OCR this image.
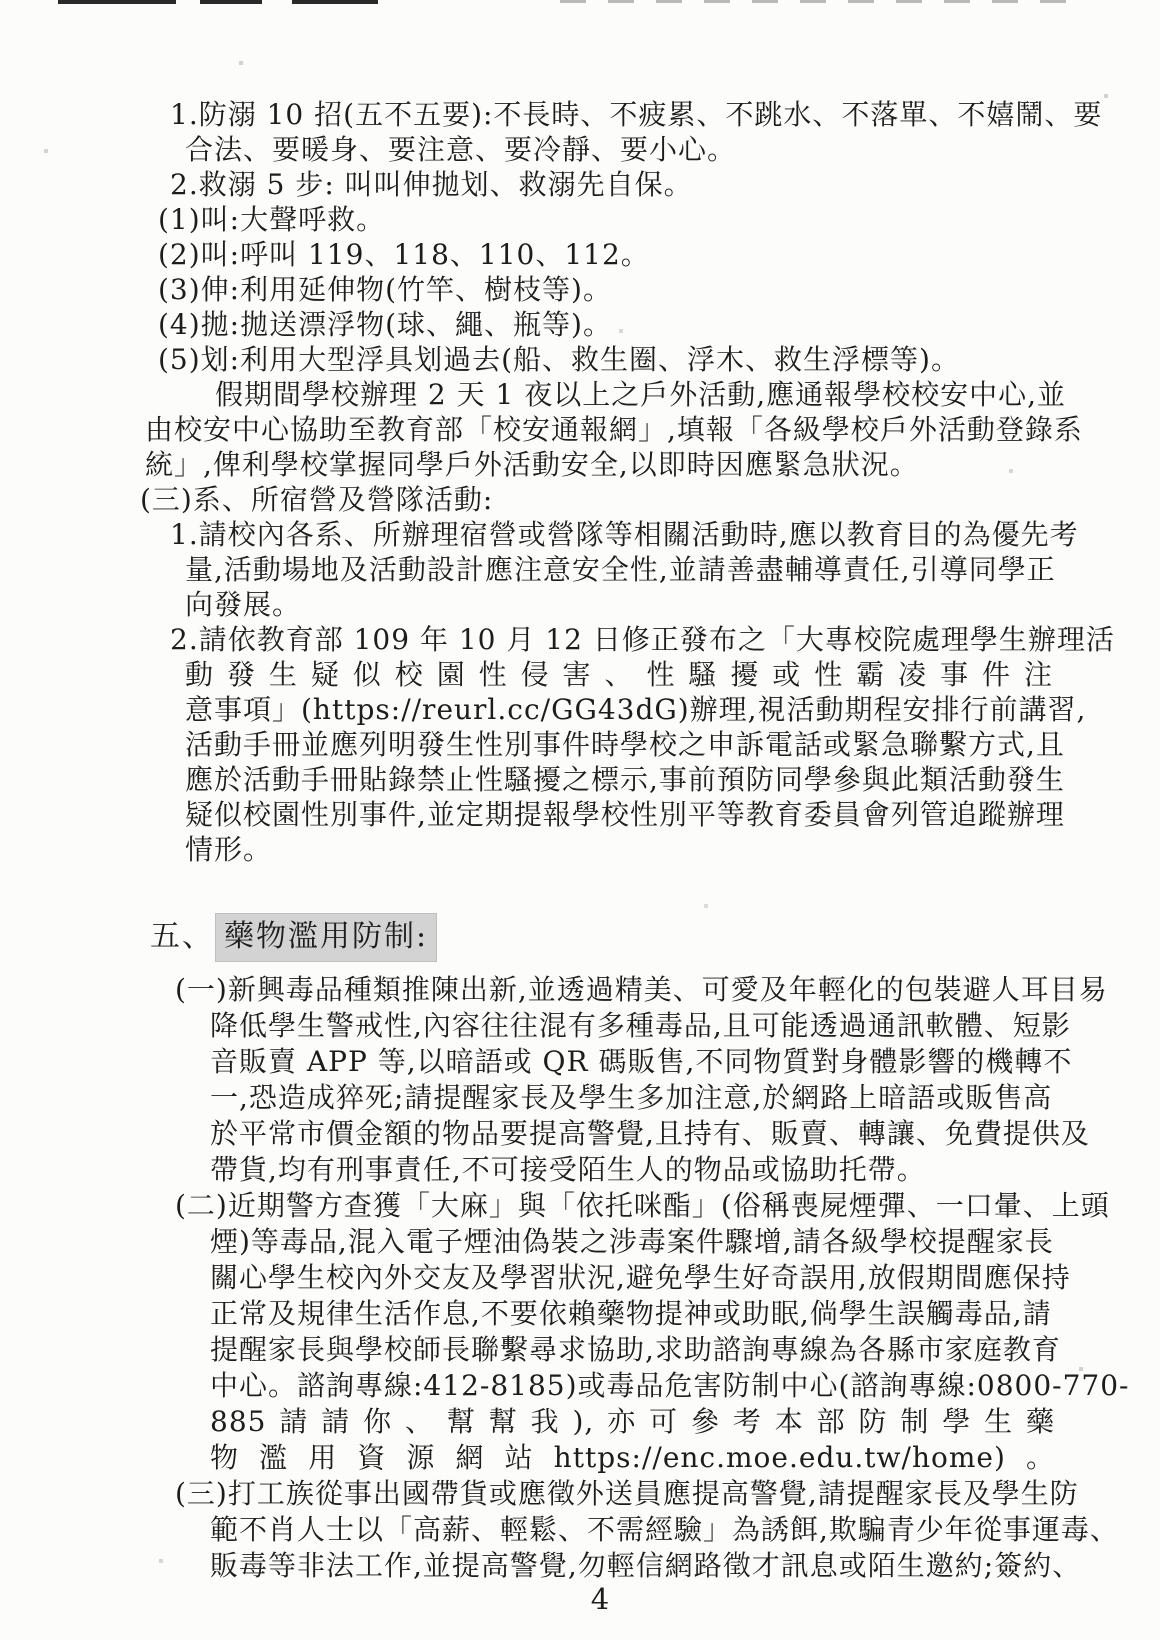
1.防溺 10 招(五不五要):不長時、不疲累、不跳水、不落單、不嬉鬧、要
合法、要暖身、要注意、要冷靜、要小心。
2.救溺 5 步: 叫叫伸拋划、救溺先自保。
(1)叫:大聲呼救。
(2)叫:呼叫 119、118、110、112。
(3)伸:利用延伸物(竹竿、樹枝等)。
(4)拋:拋送漂浮物(球、繩、瓶等)。
(5)划:利用大型浮具划過去(船、救生圈、浮木、救生浮標等)。
假期間學校辦理 2 天 1 夜以上之戶外活動,應通報學校校安中心,並
由校安中心協助至教育部「校安通報網」,填報「各級學校戶外活動登錄系
統」,俾利學校掌握同學戶外活動安全,以即時因應緊急狀況。
(三)系、所宿營及營隊活動:
1.請校內各系、所辦理宿營或營隊等相關活動時,應以教育目的為優先考
量,活動場地及活動設計應注意安全性,並請善盡輔導責任,引導同學正
向發展。
2.請依教育部 109 年 10 月 12 日修正發布之「大專校院處理學生辦理活
動發生疑似校園性侵害、性騷擾或性霸凌事件注
意事項」(https://reurl.cc/GG43dG)辦理,視活動期程安排行前講習,
活動手冊並應列明發生性別事件時學校之申訴電話或緊急聯繫方式,且
應於活動手冊貼錄禁止性騷擾之標示,事前預防同學參與此類活動發生
疑似校園性別事件,並定期提報學校性別平等教育委員會列管追蹤辦理
情形。
五、 藥物濫用防制:
(一)新興毒品種類推陳出新,並透過精美、可愛及年輕化的包裝避人耳目易
降低學生警戒性,內容往往混有多種毒品,且可能透過通訊軟體、短影
音販賣 APP 等,以暗語或 QR 碼販售,不同物質對身體影響的機轉不
一,恐造成猝死;請提醒家長及學生多加注意,於網路上暗語或販售高
於平常市價金額的物品要提高警覺,且持有、販賣、轉讓、免費提供及
帶貨,均有刑事責任,不可接受陌生人的物品或協助托帶。
(二)近期警方查獲「大麻」與「依托咪酯」(俗稱喪屍煙彈、一口暈、上頭
煙)等毒品,混入電子煙油偽裝之涉毒案件驟增,請各級學校提醒家長
關心學生校內外交友及學習狀況,避免學生好奇誤用,放假期間應保持
正常及規律生活作息,不要依賴藥物提神或助眠,倘學生誤觸毒品,請
提醒家長與學校師長聯繫尋求協助,求助諮詢專線為各縣市家庭教育
中心。諮詢專線:412-8185)或毒品危害防制中心(諮詢專線:0800-770-
885請請你、幫幫我),亦可參考本部防制學生藥
物濫用資源網站https://enc.moe.edu.tw/home)。
(三)打工族從事出國帶貨或應徵外送員應提高警覺,請提醒家長及學生防
範不肖人士以「高薪、輕鬆、不需經驗」為誘餌,欺騙青少年從事運毒、
販毒等非法工作,並提高警覺,勿輕信網路徵才訊息或陌生邀約;簽約、
4
